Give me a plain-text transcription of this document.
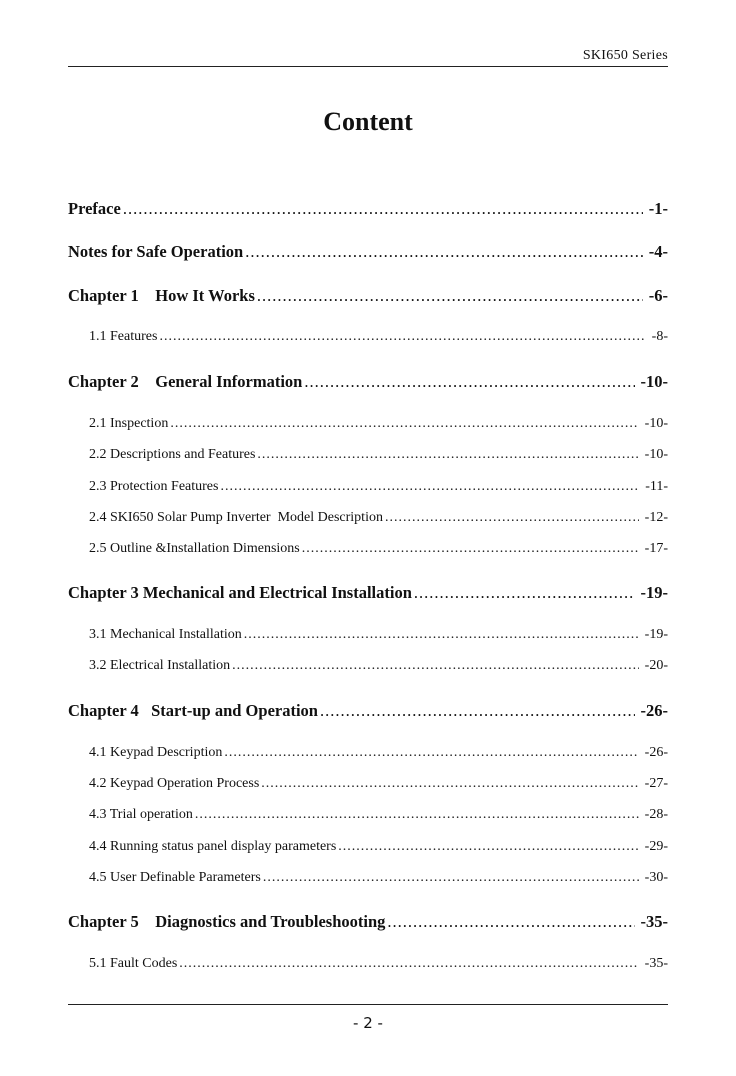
SKI650 Series
Content
Preface .....	-1-
Notes for Safe Operation .....	-4-
Chapter 1    How It Works .....	-6-
1.1 Features .....	-8-
Chapter 2    General Information .....	-10-
2.1 Inspection .....	-10-
2.2 Descriptions and Features .....	-10-
2.3 Protection Features .....	-11-
2.4 SKI650 Solar Pump Inverter  Model Description .....	-12-
2.5 Outline &Installation Dimensions .....	-17-
Chapter 3 Mechanical and Electrical Installation .....	-19-
3.1 Mechanical Installation .....	-19-
3.2 Electrical Installation .....	-20-
Chapter 4   Start-up and Operation .....	-26-
4.1 Keypad Description .....	-26-
4.2 Keypad Operation Process .....	-27-
4.3 Trial operation .....	-28-
4.4 Running status panel display parameters .....	-29-
4.5 User Definable Parameters .....	-30-
Chapter 5    Diagnostics and Troubleshooting .....	-35-
5.1 Fault Codes .....	-35-
- 2 -
